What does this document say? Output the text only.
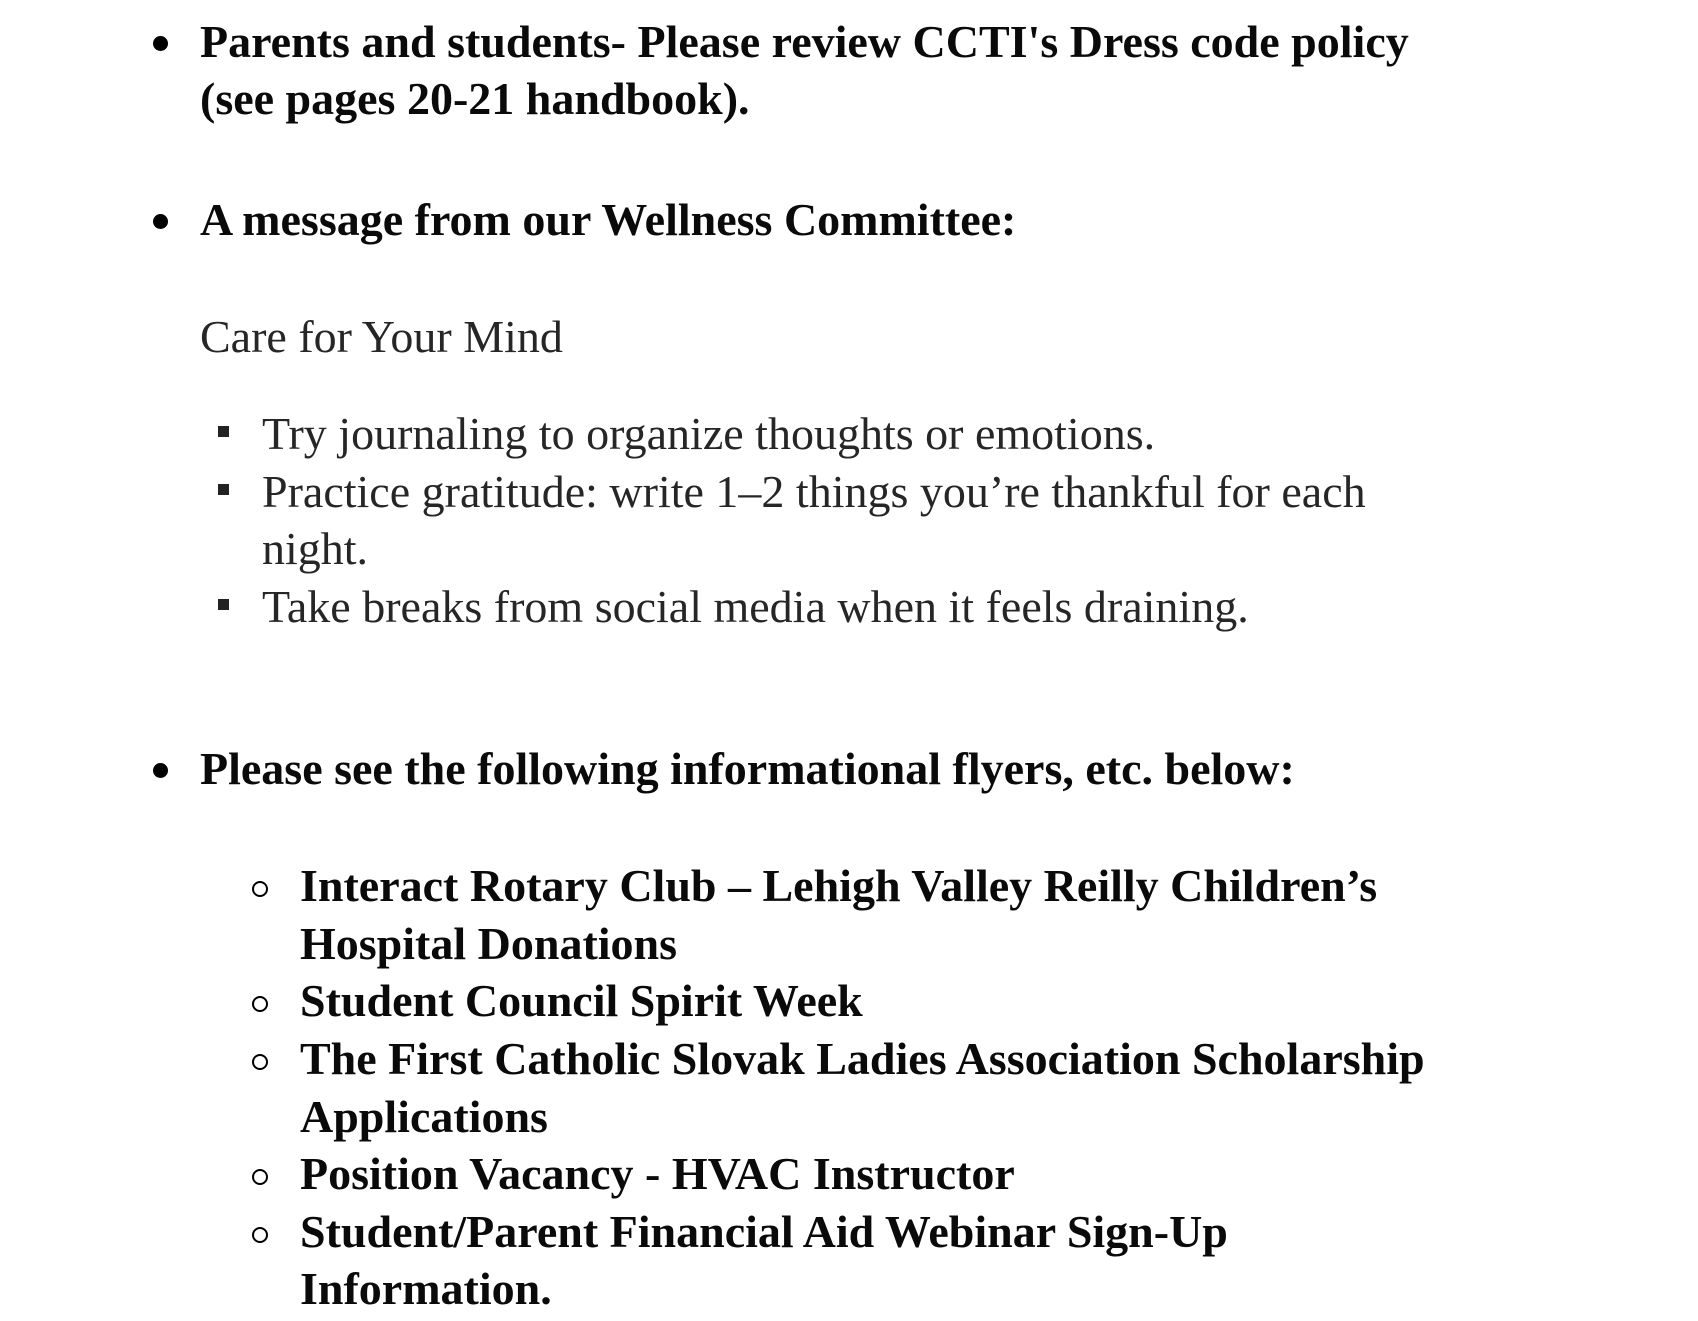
Parents and students- Please review CCTI's Dress code policy
(see pages 20-21 handbook).
A message from our Wellness Committee:
Care for Your Mind
Try journaling to organize thoughts or emotions.
Practice gratitude: write 1–2 things you’re thankful for each
night.
Take breaks from social media when it feels draining.
Please see the following informational flyers, etc. below:
Interact Rotary Club – Lehigh Valley Reilly Children’s
Hospital Donations
Student Council Spirit Week
The First Catholic Slovak Ladies Association Scholarship
Applications
Position Vacancy - HVAC Instructor
Student/Parent Financial Aid Webinar Sign-Up
Information.
